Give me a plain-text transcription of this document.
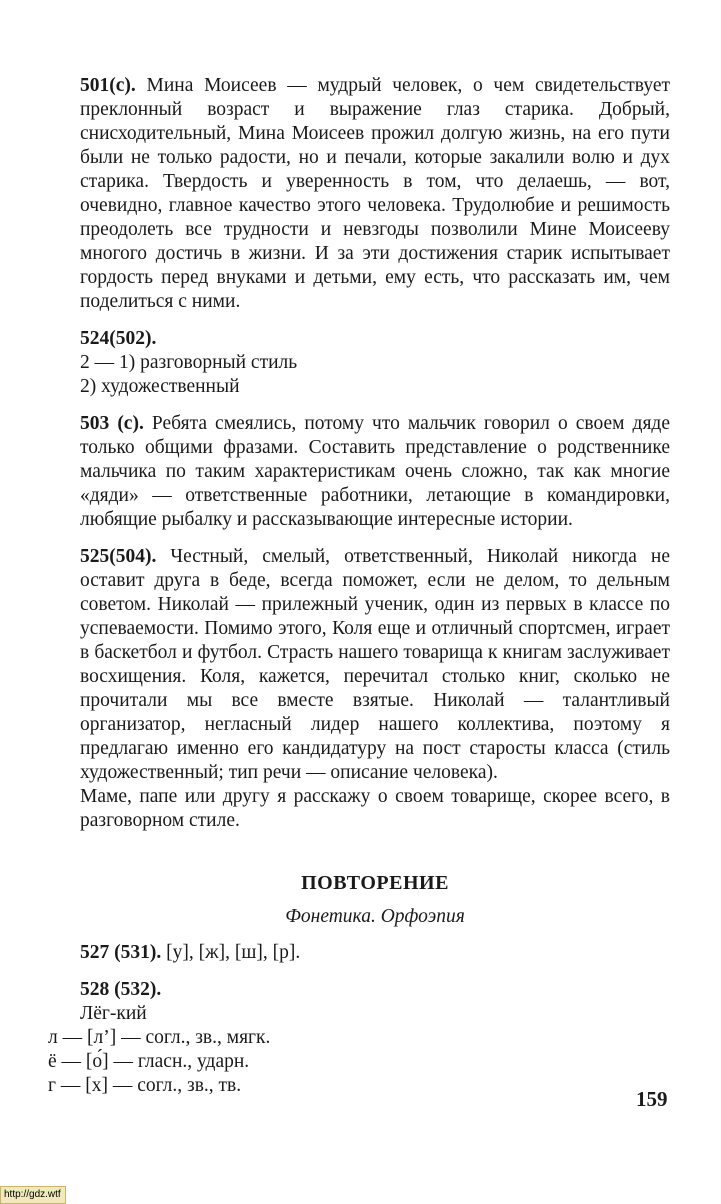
501(с). Мина Моисеев — мудрый человек, о чем свидетельствует преклонный возраст и выражение глаз старика. Добрый, снисходительный, Мина Моисеев прожил долгую жизнь, на его пути были не только радости, но и печали, которые закалили волю и дух старика. Твердость и уверенность в том, что делаешь, — вот, очевидно, главное качество этого человека. Трудолюбие и решимость преодолеть все трудности и невзгоды позволили Мине Моисееву многого достичь в жизни. И за эти достижения старик испытывает гордость перед внуками и детьми, ему есть, что рассказать им, чем поделиться с ними.

524(502).
2 — 1) разговорный стиль
2) художественный

503 (с). Ребята смеялись, потому что мальчик говорил о своем дяде только общими фразами. Составить представление о родственнике мальчика по таким характеристикам очень сложно, так как многие «дяди» — ответственные работники, летающие в командировки, любящие рыбалку и рассказывающие интересные истории.

525(504). Честный, смелый, ответственный, Николай никогда не оставит друга в беде, всегда поможет, если не делом, то дельным советом. Николай — прилежный ученик, один из первых в классе по успеваемости. Помимо этого, Коля еще и отличный спортсмен, играет в баскетбол и футбол. Страсть нашего товарища к книгам заслуживает восхищения. Коля, кажется, перечитал столько книг, сколько не прочитали мы все вместе взятые. Николай — талантливый организатор, негласный лидер нашего коллектива, поэтому я предлагаю именно его кандидатуру на пост старосты класса (стиль художественный; тип речи — описание человека).

Маме, папе или другу я расскажу о своем товарище, скорее всего, в разговорном стиле.

ПОВТОРЕНИЕ
Фонетика. Орфоэпия
527 (531). [у], [ж], [ш], [р].
528 (532).
Лёг-кий
л — [л’] — согл., зв., мягк.
ё — [о́] — гласн., ударн.
г — [х] — согл., зв., тв.
159
http://gdz.wtf
